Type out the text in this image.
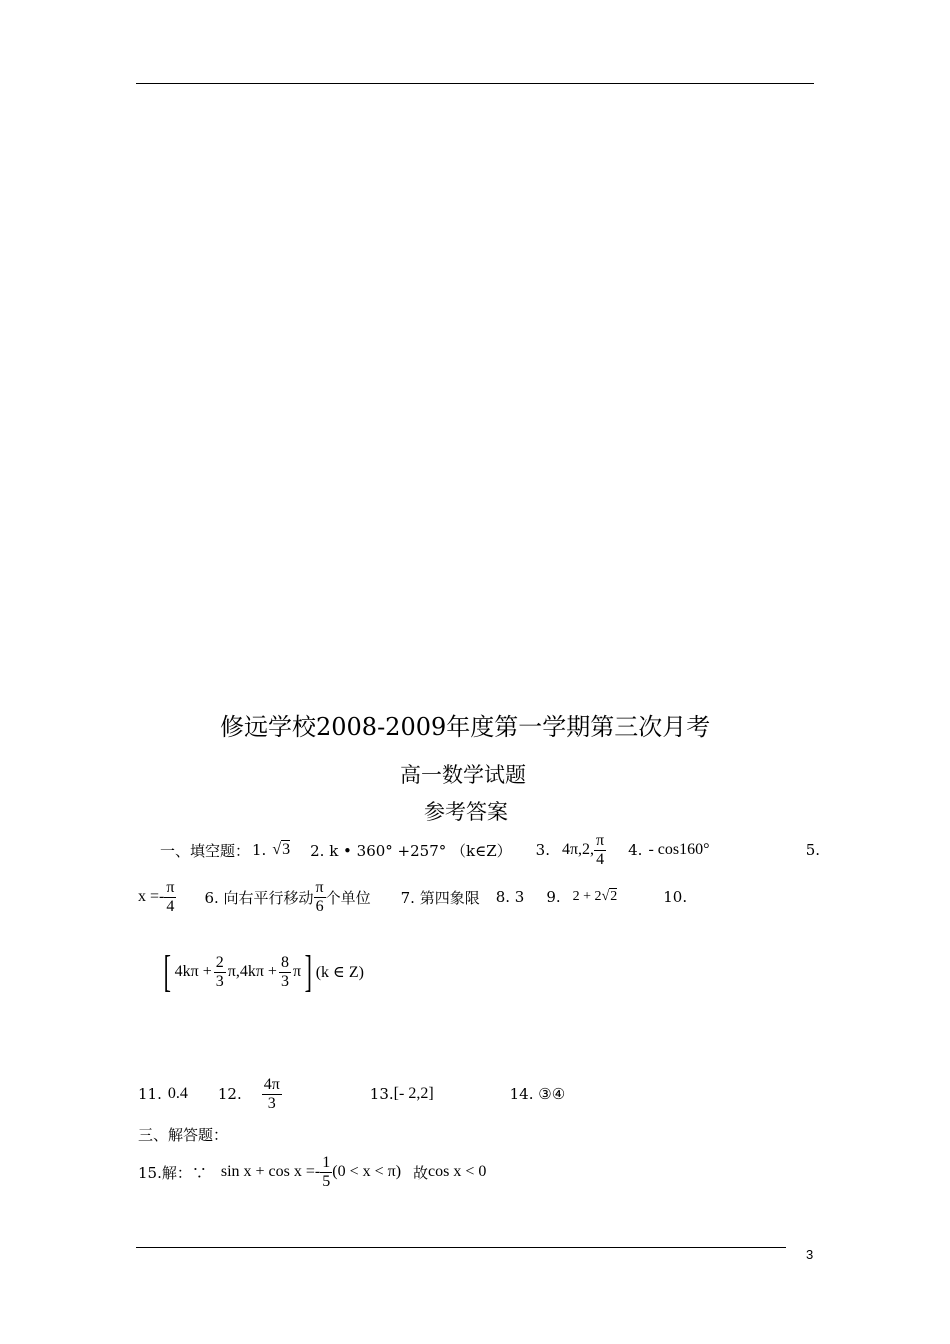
修远学校2008-2009年度第一学期第三次月考
高一数学试题
参考答案
一、填空题： 1. √3 2. k • 360° +257° （k∈Z） 3. 4π,2, $\frac{\pi}{4} 4$. - cos160°	5.
$x =- \frac{\pi}{4} 6$. 向右平行移动 $\frac{\pi}{6}$ 个单位 7. 第四象限 8. 3 9. 2 + 2√2	10.
[ $4k\pi + \frac{2}{3} \pi,4k\pi + \frac{8}{3}$ π ] (k ∈ Z)
11. 0.4 12. $\frac{4\pi}{3}$	13. [- 2,2]	14. ③④
三、解答题：
15.解：∵ $\sin x + \cos x =- \frac{1}{5} (0 < x < \pi)$ 故 cos x < 0
3
